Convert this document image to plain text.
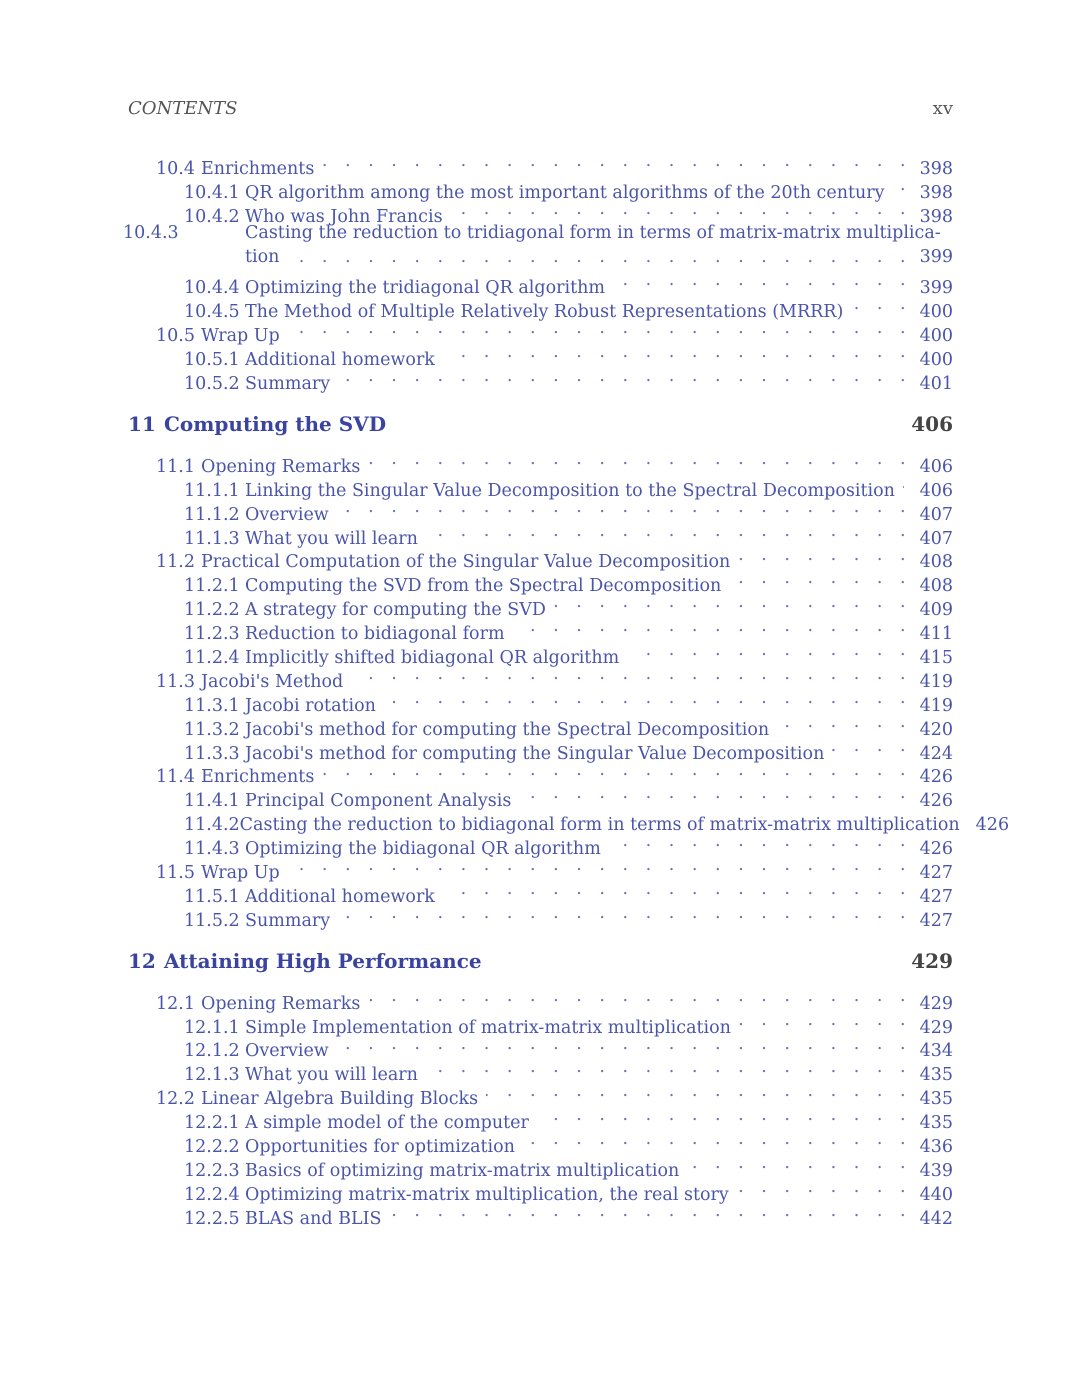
CONTENTS	xv
10.4 Enrichments . . .	398
10.4.1 QR algorithm among the most important algorithms of the 20th century . . . 398
10.4.2 Who was John Francis . . .	398
10.4.3	Casting the reduction to tridiagonal form in terms of matrix-matrix multiplica-
tion . . .	399
10.4.4 Optimizing the tridiagonal QR algorithm . . .	399
10.4.5 The Method of Multiple Relatively Robust Representations (MRRR) . . .	400
10.5 Wrap Up . . .	400
10.5.1 Additional homework . . .	400
10.5.2 Summary . . .	401
11 Computing the SVD	406
11.1 Opening Remarks . . .	406
11.1.1 Linking the Singular Value Decomposition to the Spectral Decomposition . . . 406
11.1.2 Overview . . .	407
11.1.3 What you will learn . . .	407
11.2 Practical Computation of the Singular Value Decomposition . . .	408
11.2.1 Computing the SVD from the Spectral Decomposition . . .	408
11.2.2 A strategy for computing the SVD . . .	409
11.2.3 Reduction to bidiagonal form . . .	411
11.2.4 Implicitly shifted bidiagonal QR algorithm . . .	415
11.3 Jacobi's Method . . .	419
11.3.1 Jacobi rotation . . .	419
11.3.2 Jacobi's method for computing the Spectral Decomposition . . .	420
11.3.3 Jacobi's method for computing the Singular Value Decomposition . . .	424
11.4 Enrichments . . .	426
11.4.1 Principal Component Analysis . . .	426
11.4.2 Casting the reduction to bidiagonal form in terms of matrix-matrix multiplication 426
11.4.3 Optimizing the bidiagonal QR algorithm . . .	426
11.5 Wrap Up . . .	427
11.5.1 Additional homework . . .	427
11.5.2 Summary . . .	427
12 Attaining High Performance	429
12.1 Opening Remarks . . .	429
12.1.1 Simple Implementation of matrix-matrix multiplication . . .	429
12.1.2 Overview . . .	434
12.1.3 What you will learn . . .	435
12.2 Linear Algebra Building Blocks . . .	435
12.2.1 A simple model of the computer . . .	435
12.2.2 Opportunities for optimization . . .	436
12.2.3 Basics of optimizing matrix-matrix multiplication . . .	439
12.2.4 Optimizing matrix-matrix multiplication, the real story . . .	440
12.2.5 BLAS and BLIS . . .	442
